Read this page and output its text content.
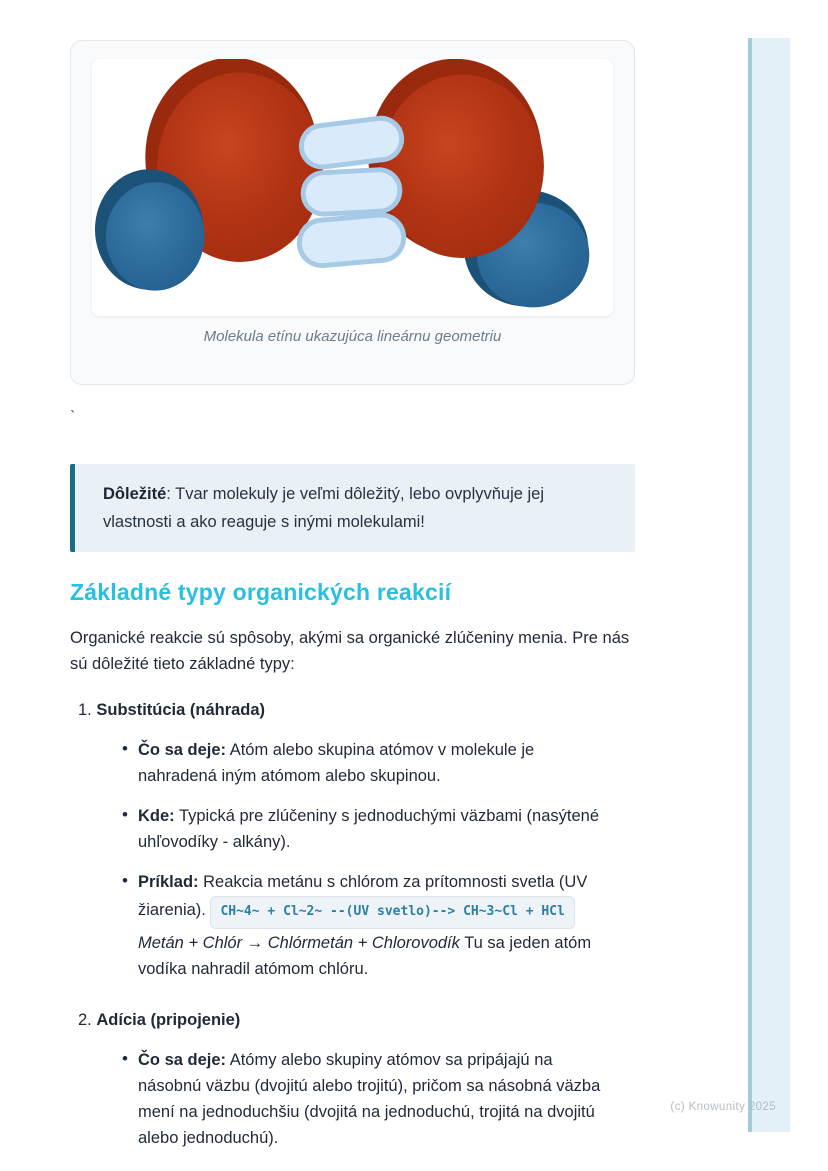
Molekula etínu ukazujúca lineárnu geometriu
`
Dôležité: Tvar molekuly je veľmi dôležitý, lebo ovplyvňuje jej vlastnosti a ako reaguje s inými molekulami!
Základné typy organických reakcií

Organické reakcie sú spôsoby, akými sa organické zlúčeniny menia. Pre nás sú dôležité tieto základné typy:

1. Substitúcia (náhrada)
• Čo sa deje: Atóm alebo skupina atómov v molekule je nahradená iným atómom alebo skupinou.
• Kde: Typická pre zlúčeniny s jednoduchými väzbami (nasýtené uhľovodíky - alkány).
• Príklad: Reakcia metánu s chlórom za prítomnosti svetla (UV žiarenia). CH~4~ + Cl~2~ --(UV svetlo)--> CH~3~Cl + HClMetán + Chlór → Chlórmetán + Chlorovodík Tu sa jeden atóm vodíka nahradil atómom chlóru.
2. Adícia (pripojenie)
• Čo sa deje: Atómy alebo skupiny atómov sa pripájajú na násobnú väzbu (dvojitú alebo trojitú), pričom sa násobná väzba mení na jednoduchšiu (dvojitá na jednoduchú, trojitá na dvojitú alebo jednoduchú).
(c) Knowunity 2025
